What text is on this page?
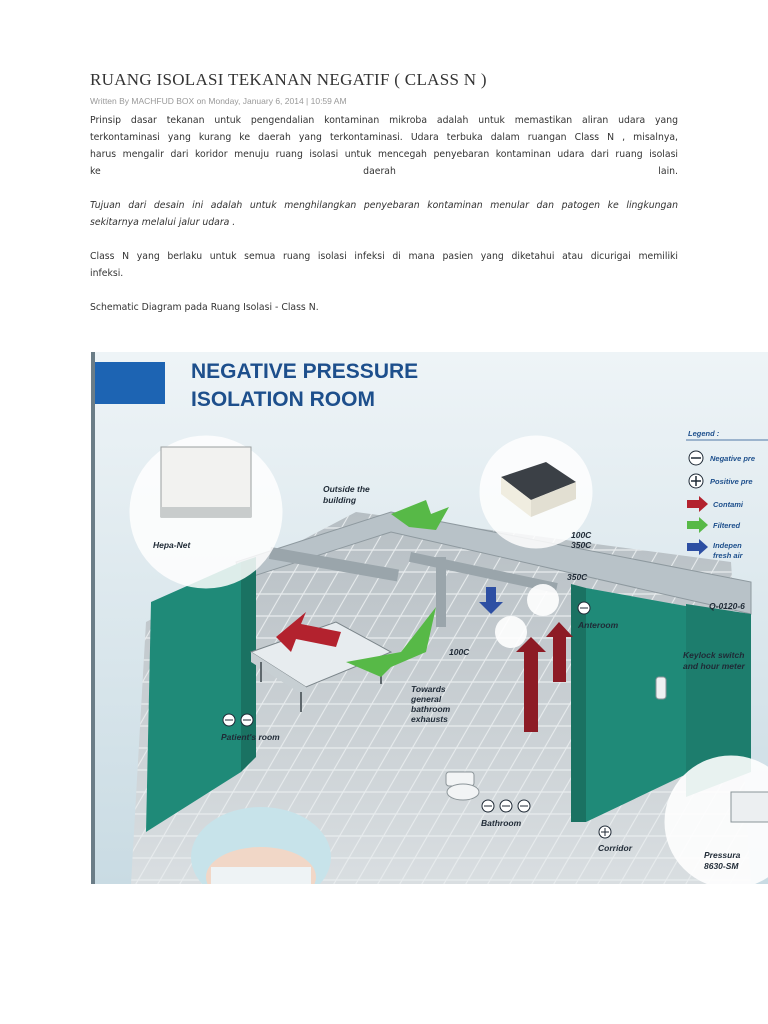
RUANG ISOLASI TEKANAN NEGATIF ( CLASS N )
Written By MACHFUD BOX on Monday, January 6, 2014 | 10:59 AM

Prinsip dasar tekanan untuk pengendalian kontaminan mikroba adalah untuk memastikan aliran udara yang

terkontaminasi yang kurang ke daerah yang terkontaminasi. Udara terbuka dalam ruangan Class N , misalnya,

harus mengalir dari koridor menuju ruang isolasi untuk mencegah penyebaran kontaminan udara dari ruang isolasi

ke daerah lain.

Tujuan dari desain ini adalah untuk menghilangkan penyebaran kontaminan menular dan patogen ke lingkungan

sekitarnya melalui jalur udara .

Class N yang berlaku untuk semua ruang isolasi infeksi di mana pasien yang diketahui atau dicurigai memiliki

infeksi.

Schematic Diagram pada Ruang Isolasi - Class N.

NEGATIVE PRESSURE
ISOLATION ROOM
Hepa-Net
Outside the
building
100C
350C
350C
Anteroom
100C
Towards
general
bathroom
exhausts
Patient's room
Bathroom
Corridor
Q-0120-6
Keylock switch
and hour meter
Pressura
8630-SM
Legend :
Negative pre
Positive pre
Contami
Filtered
Indepen
fresh air
